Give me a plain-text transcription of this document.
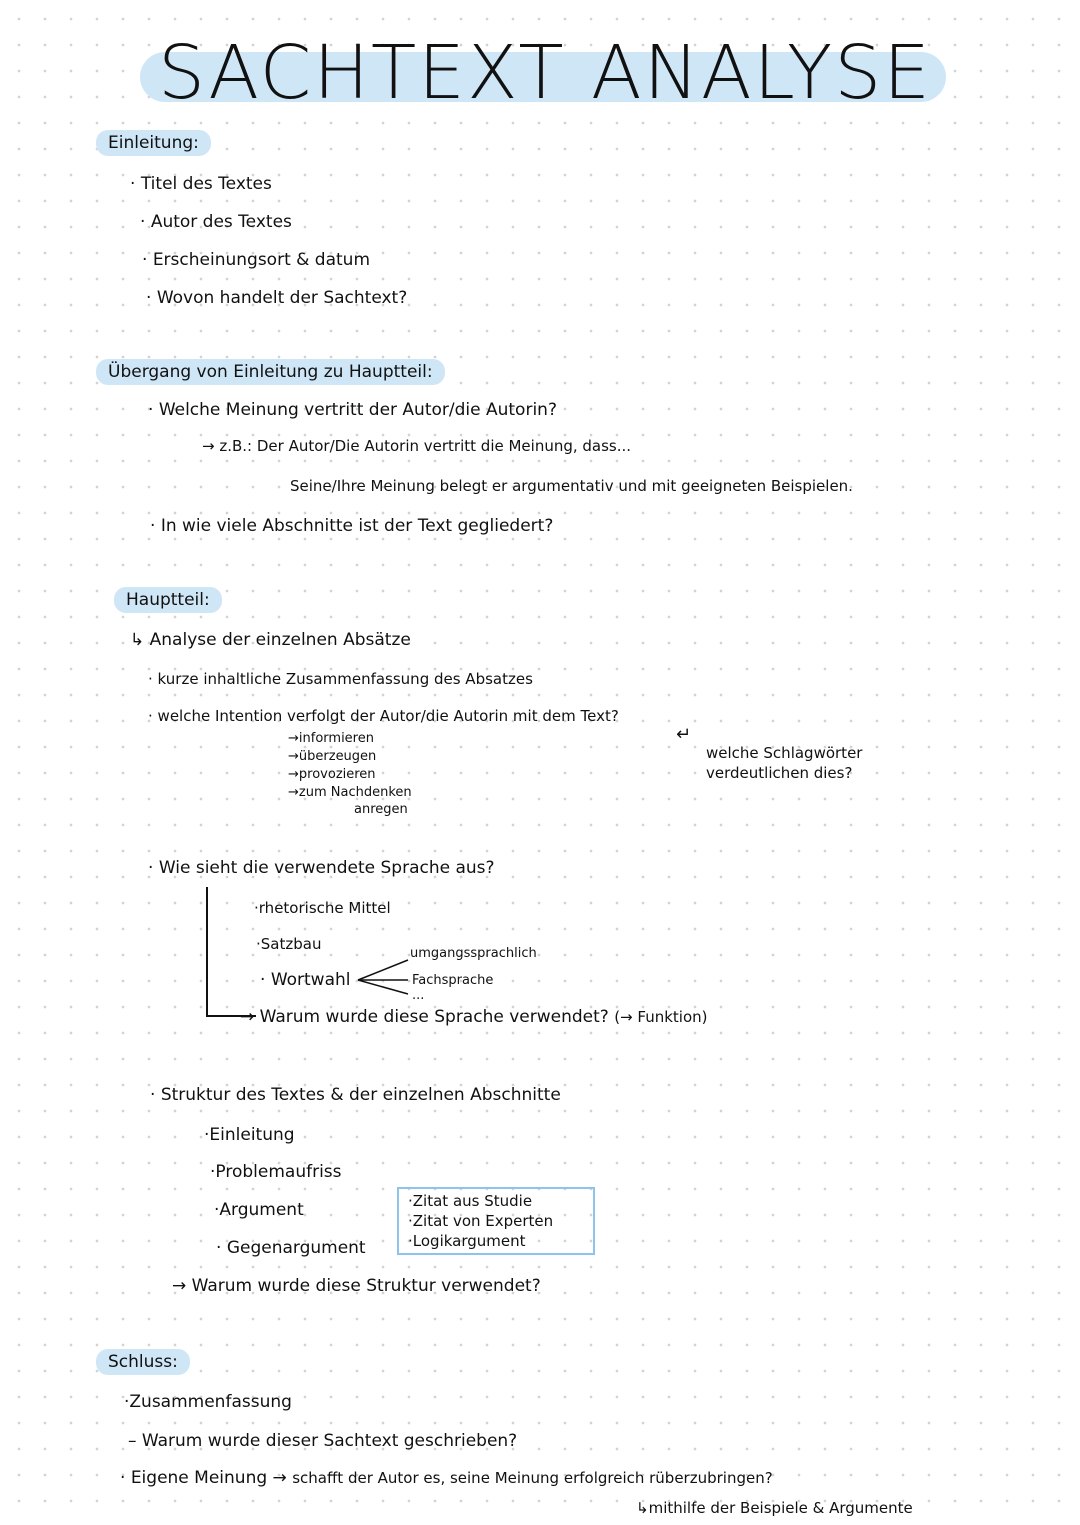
SACHTEXT ANALYSE
Einleitung:
· Titel des Textes
· Autor des Textes
· Erscheinungsort & datum
· Wovon handelt der Sachtext?
Übergang von Einleitung zu Hauptteil:
· Welche Meinung vertritt der Autor/die Autorin?
→ z.B.: Der Autor/Die Autorin vertritt die Meinung, dass...
Seine/Ihre Meinung belegt er argumentativ und mit geeigneten Beispielen.
· In wie viele Abschnitte ist der Text gegliedert?
Hauptteil:
↳ Analyse der einzelnen Absätze
· kurze inhaltliche Zusammenfassung des Absatzes
· welche Intention verfolgt der Autor/die Autorin mit dem Text?
→informieren
→überzeugen
→provozieren
→zum Nachdenken
anregen
↵
welche Schlagwörter
verdeutlichen dies?
· Wie sieht die verwendete Sprache aus?
·rhetorische Mittel
·Satzbau
· Wortwahl
umgangssprachlich
Fachsprache
...
→ Warum wurde diese Sprache verwendet? (→ Funktion)
· Struktur des Textes & der einzelnen Abschnitte
·Einleitung
·Problemaufriss
·Argument
· Gegenargument
·Zitat aus Studie
·Zitat von Experten
·Logikargument
→ Warum wurde diese Struktur verwendet?
Schluss:
·Zusammenfassung
– Warum wurde dieser Sachtext geschrieben?
· Eigene Meinung → schafft der Autor es, seine Meinung erfolgreich rüberzubringen?
↳mithilfe der Beispiele & Argumente
